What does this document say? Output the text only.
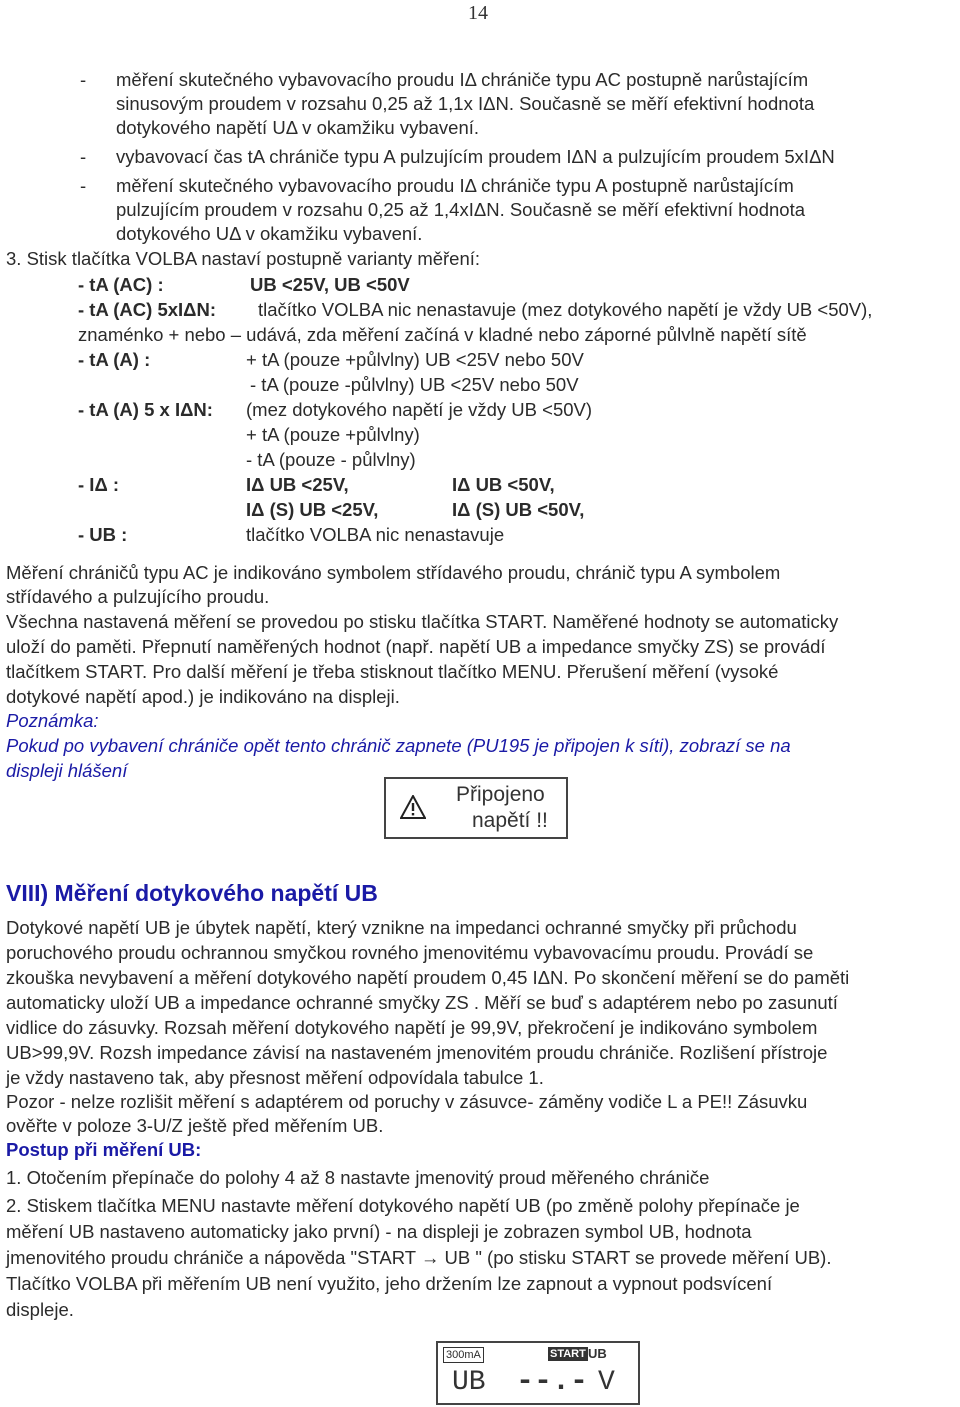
14
- měření skutečného vybavovacího proudu IΔ chrániče typu AC postupně narůstajícím
sinusovým proudem v rozsahu 0,25 až 1,1x IΔN. Současně se měří efektivní hodnota
dotykového napětí UΔ v okamžiku vybavení.
- vybavovací čas tA chrániče typu A pulzujícím proudem IΔN a pulzujícím proudem 5xIΔN
- měření skutečného vybavovacího proudu IΔ chrániče typu A postupně narůstajícím
pulzujícím proudem v rozsahu 0,25 až 1,4xIΔN. Současně se měří efektivní hodnota
dotykového UΔ v okamžiku vybavení.
3. Stisk tlačítka VOLBA nastaví postupně varianty měření:
- tA (AC) :	UB <25V, UB <50V
- tA (AC) 5xIΔN: tlačítko VOLBA nic nenastavuje (mez dotykového napětí je vždy UB <50V),
znaménko + nebo – udává, zda měření začíná v kladné nebo záporné půlvlně napětí sítě
- tA (A) :	+ tA (pouze +půlvlny) UB <25V nebo 50V
- tA (pouze -půlvlny) UB <25V nebo 50V
- tA (A) 5 x IΔN: (mez dotykového napětí je vždy UB <50V)
+ tA (pouze +půlvlny)
- tA (pouze - půlvlny)
- IΔ :	IΔ UB <25V,	IΔ UB <50V,
IΔ (S) UB <25V,	IΔ (S) UB <50V,
- UB :	tlačítko VOLBA nic nenastavuje
Měření chráničů typu AC je indikováno symbolem střídavého proudu, chránič typu A symbolem
střídavého a pulzujícího proudu.
Všechna nastavená měření se provedou po stisku tlačítka START. Naměřené hodnoty se automaticky
uloží do paměti. Přepnutí naměřených hodnot (např. napětí UB a impedance smyčky ZS) se provádí
tlačítkem START. Pro další měření je třeba stisknout tlačítko MENU. Přerušení měření (vysoké
dotykové napětí apod.) je indikováno na displeji.
Poznámka:
Pokud po vybavení chrániče opět tento chránič zapnete (PU195 je připojen k síti), zobrazí se na
displeji hlášení
Připojeno
napětí !!
VIII) Měření dotykového napětí UB
Dotykové napětí UB je úbytek napětí, který vznikne na impedanci ochranné smyčky při průchodu
poruchového proudu ochrannou smyčkou rovného jmenovitému vybavovacímu proudu. Provádí se
zkouška nevybavení a měření dotykového napětí proudem 0,45 IΔN. Po skončení měření se do paměti
automaticky uloží UB a impedance ochranné smyčky ZS . Měří se buď s adaptérem nebo po zasunutí
vidlice do zásuvky. Rozsah měření dotykového napětí je 99,9V, překročení je indikováno symbolem
UB>99,9V. Rozsh impedance závisí na nastaveném jmenovitém proudu chrániče. Rozlišení přístroje
je vždy nastaveno tak, aby přesnost měření odpovídala tabulce 1.
Pozor - nelze rozlišit měření s adaptérem od poruchy v zásuvce- záměny vodiče L a PE!! Zásuvku
ověřte v poloze 3-U/Z ještě před měřením UB.
Postup při měření UB:
1. Otočením přepínače do polohy 4 až 8 nastavte jmenovitý proud měřeného chrániče
2. Stiskem tlačítka MENU nastavte měření dotykového napětí UB (po změně polohy přepínače je
měření UB nastaveno automaticky jako první) - na displeji je zobrazen symbol UB, hodnota
jmenovitého proudu chrániče a nápověda "START → UB " (po stisku START se provede měření UB).
Tlačítko VOLBA při měřením UB není využito, jeho držením lze zapnout a vypnout podsvícení
displeje.
300mA	START UB
UB --.- V
